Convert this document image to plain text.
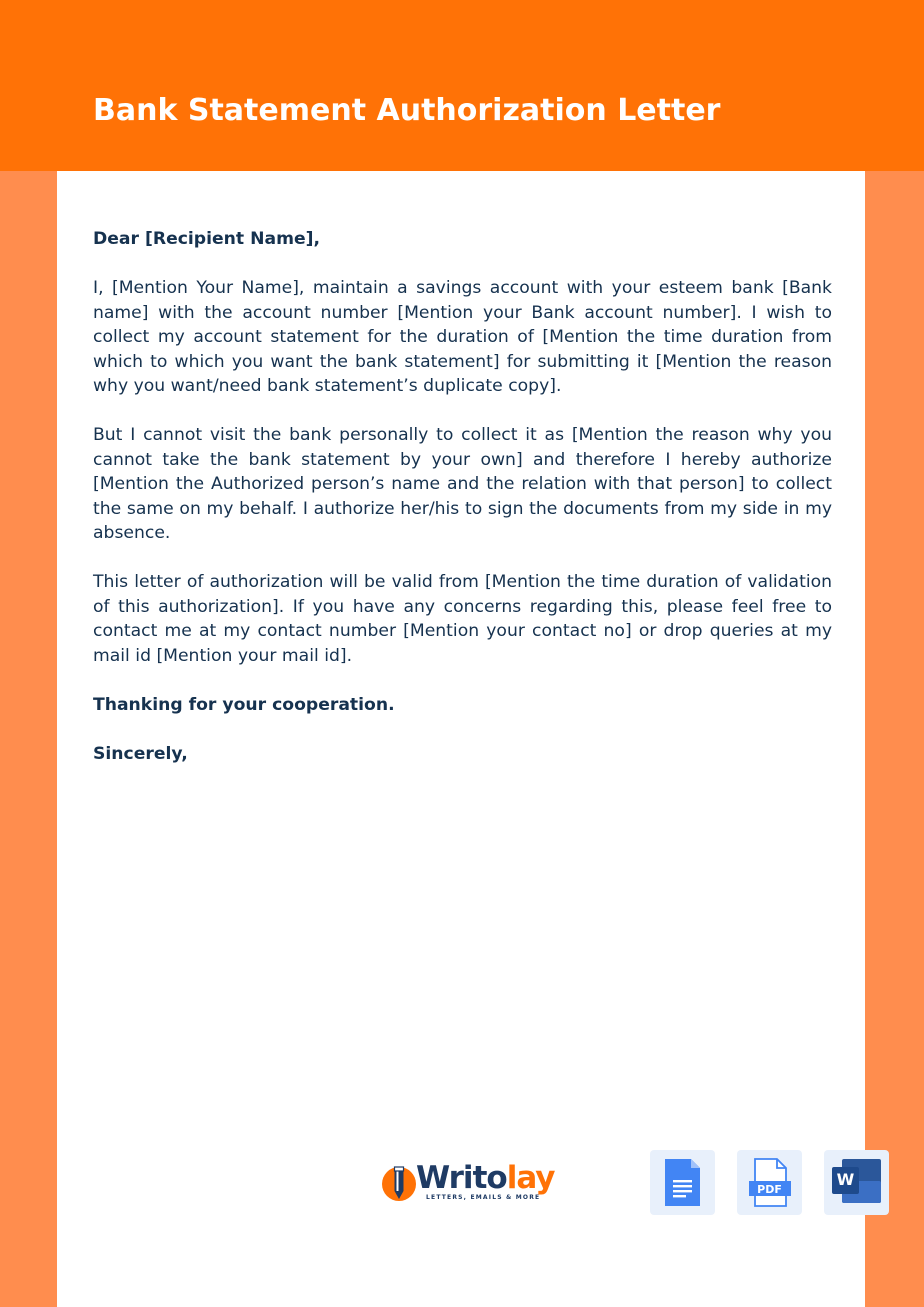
Bank Statement Authorization Letter

Dear [Recipient Name],

I, [Mention Your Name], maintain a savings account with your esteem bank [Bank name] with the account number [Mention your Bank account number]. I wish to collect my account statement for the duration of [Mention the time duration from which to which you want the bank statement] for submitting it [Mention the reason why you want/need bank statement’s duplicate copy].

But I cannot visit the bank personally to collect it as [Mention the reason why you cannot take the bank statement by your own] and therefore I hereby authorize [Mention the Authorized person’s name and the relation with that person] to collect the same on my behalf. I authorize her/his to sign the documents from my side in my absence.

This letter of authorization will be valid from [Mention the time duration of validation of this authorization]. If you have any concerns regarding this, please feel free to contact me at my contact number [Mention your contact no] or drop queries at my mail id [Mention your mail id].

Thanking for your cooperation.

Sincerely,

Writolay
LETTERS, EMAILS & MORE
PDF
W
